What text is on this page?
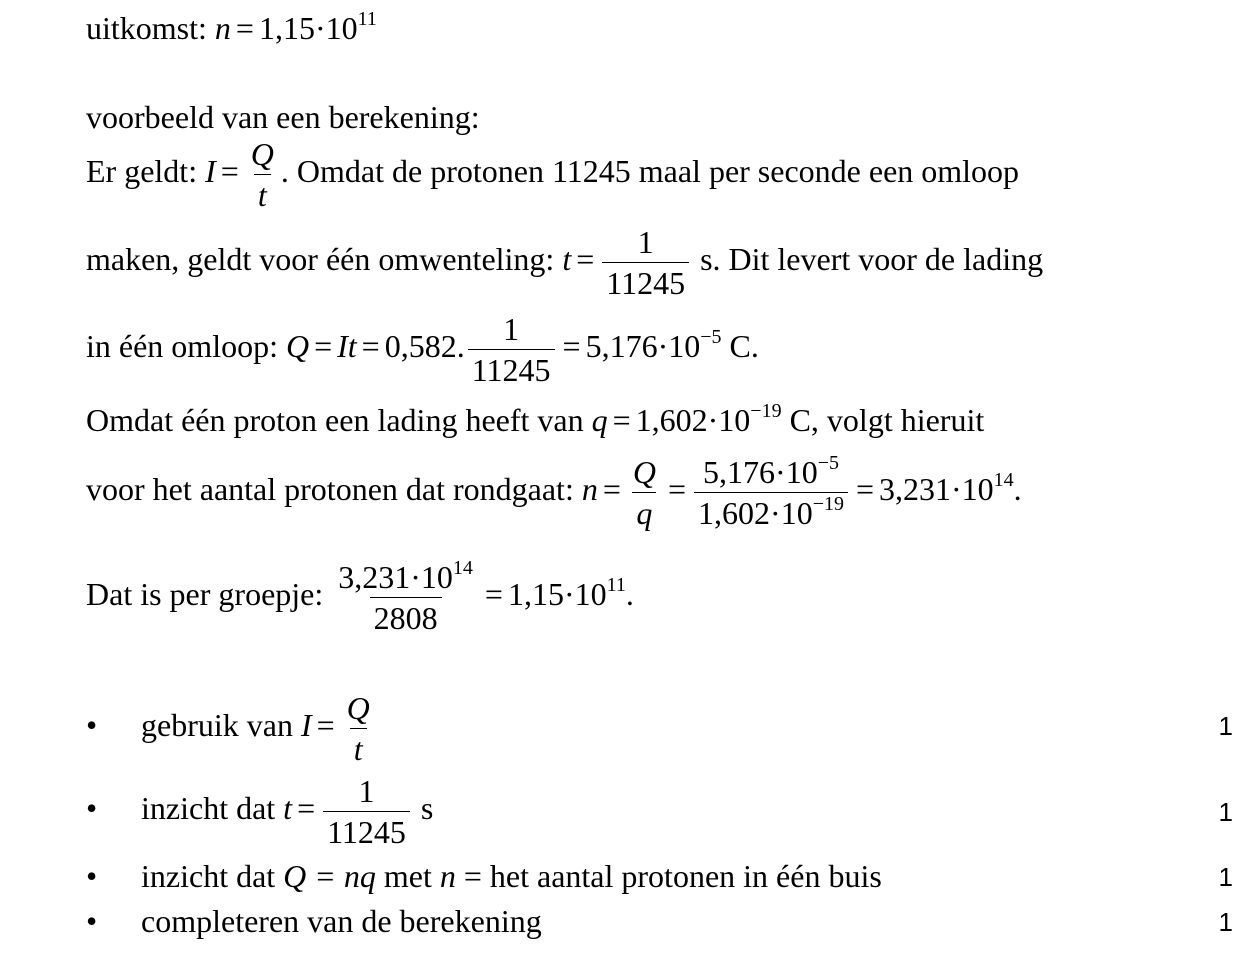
uitkomst: $n = 1,15\cdot 10^{11}$
voorbeeld van een berekening:
Er geldt: $I = \frac{Q}{t}$ . Omdat de protonen 11245 maal per seconde een omloop
maken, geldt voor één omwenteling: $t = \frac{1}{11245} s$. Dit levert voor de lading
in één omloop: Q = It = 0,582. $\frac{1}{11245} = 5,176\cdot 10^{-5}$ C.
Omdat één proton een lading heeft van $q = 1,602\cdot 10^{-19}$ C, volgt hieruit
voor het aantal protonen dat rondgaat: $n = \frac{Q}{q} = \frac{5,176\cdot 10^{-5}}{1,602\cdot 10^{-19}} = 3,231\cdot 10^{14}$.
Dat is per groepje: $\frac{3,231\cdot 10^{14}}{2808} = 1,15\cdot 10^{11}$.
• gebruik van $I = \frac{Q}{t}$	1
• inzicht dat $t = \frac{1}{11245}$ s	1
• inzicht dat Q = nq met n = het aantal protonen in één buis	1
• completeren van de berekening	1
